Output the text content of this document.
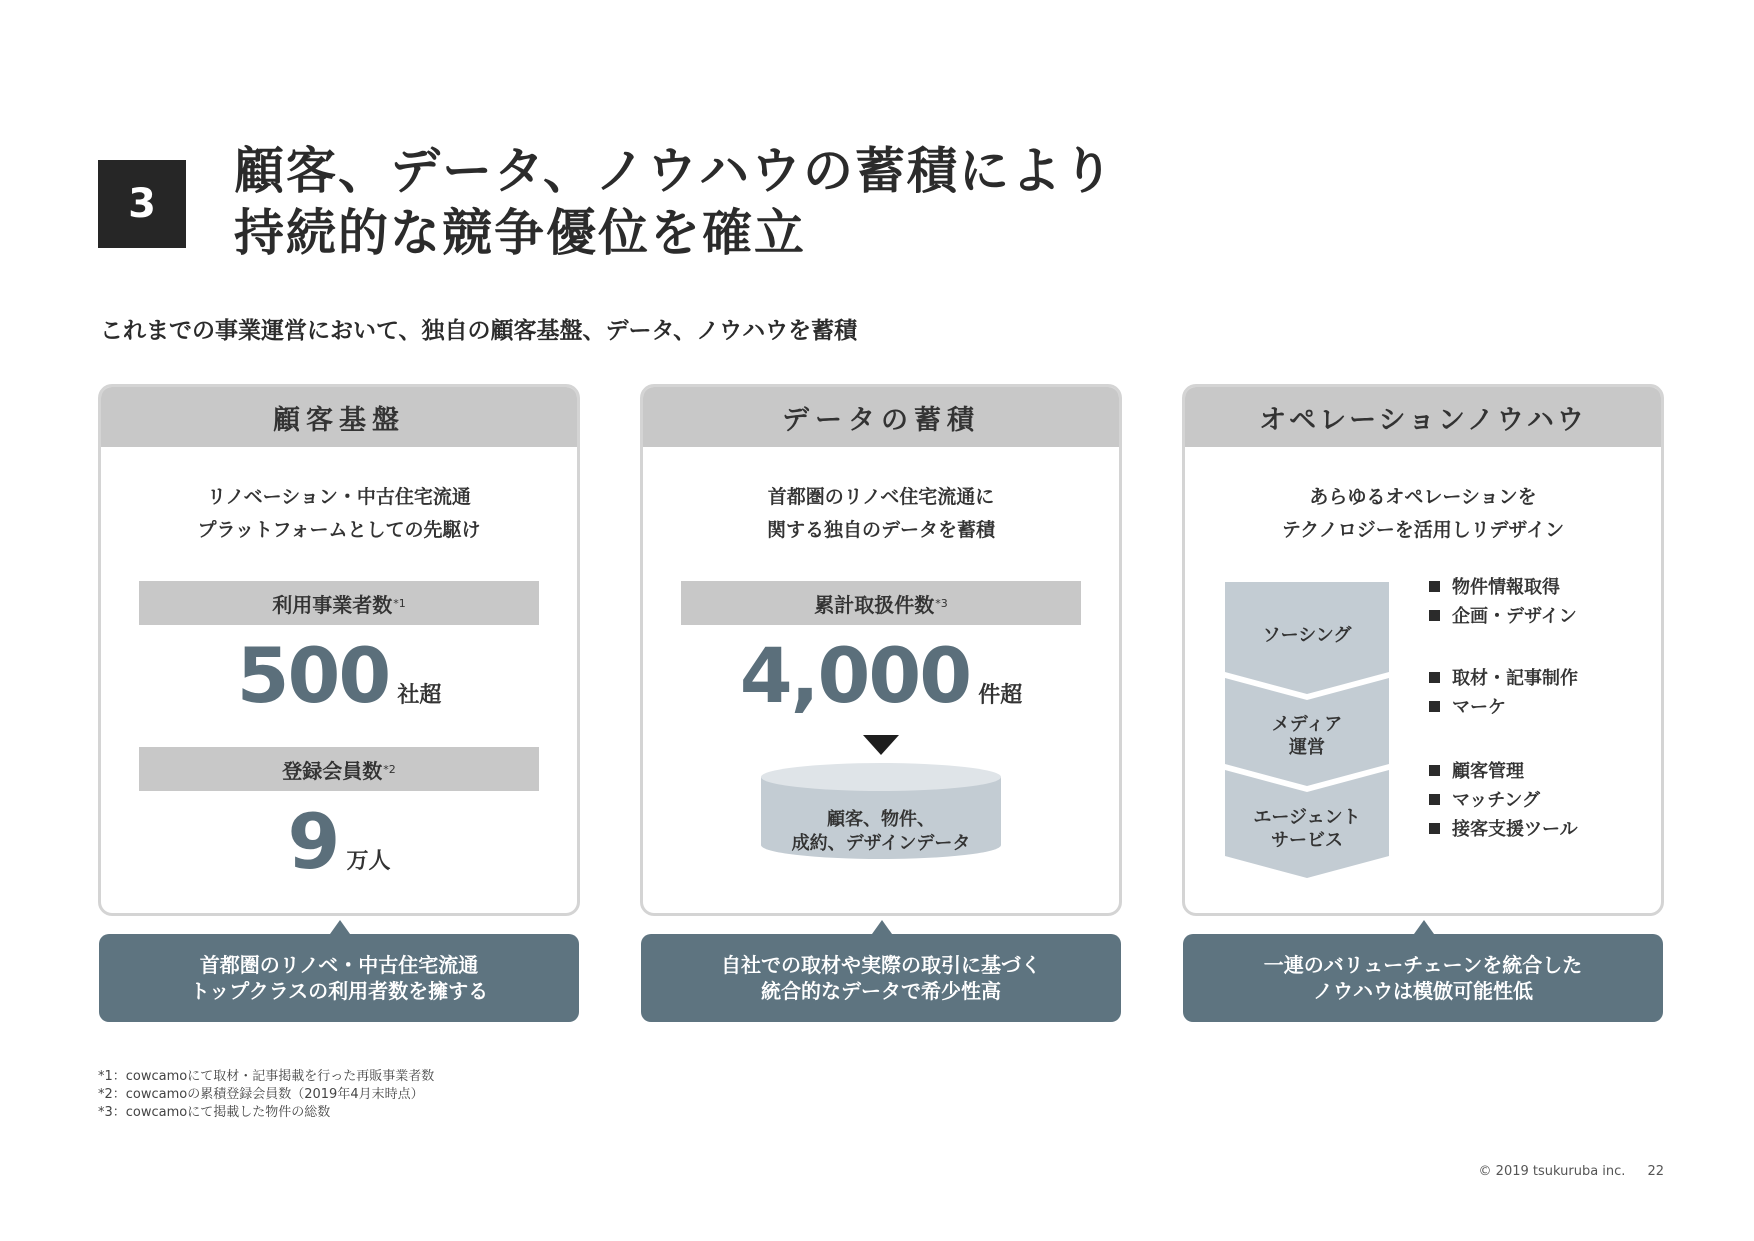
3
顧客、データ、ノウハウの蓄積により
持続的な競争優位を確立
これまでの事業運営において、独自の顧客基盤、データ、ノウハウを蓄積
顧客基盤
リノベーション・中古住宅流通
プラットフォームとしての先駆け
利用事業者数 *1
500 社超
登録会員数 *2
9 万人
首都圏のリノベ・中古住宅流通
トップクラスの利用者数を擁する
データの蓄積
首都圏のリノベ住宅流通に
関する独自のデータを蓄積
累計取扱件数 *3
4,000 件超
顧客、物件、
成約、デザインデータ
自社での取材や実際の取引に基づく
統合的なデータで希少性高
オペレーションノウハウ
あらゆるオペレーションを
テクノロジーを活用しリデザイン
ソーシング
メディア
運営
エージェント
サービス
物件情報取得
企画・デザイン
取材・記事制作
マーケ
顧客管理
マッチング
接客支援ツール
一連のバリューチェーンを統合した
ノウハウは模倣可能性低
*1：cowcamoにて取材・記事掲載を行った再販事業者数
*2：cowcamoの累積登録会員数（2019年4月末時点）
*3：cowcamoにて掲載した物件の総数
© 2019 tsukuruba inc. 22
